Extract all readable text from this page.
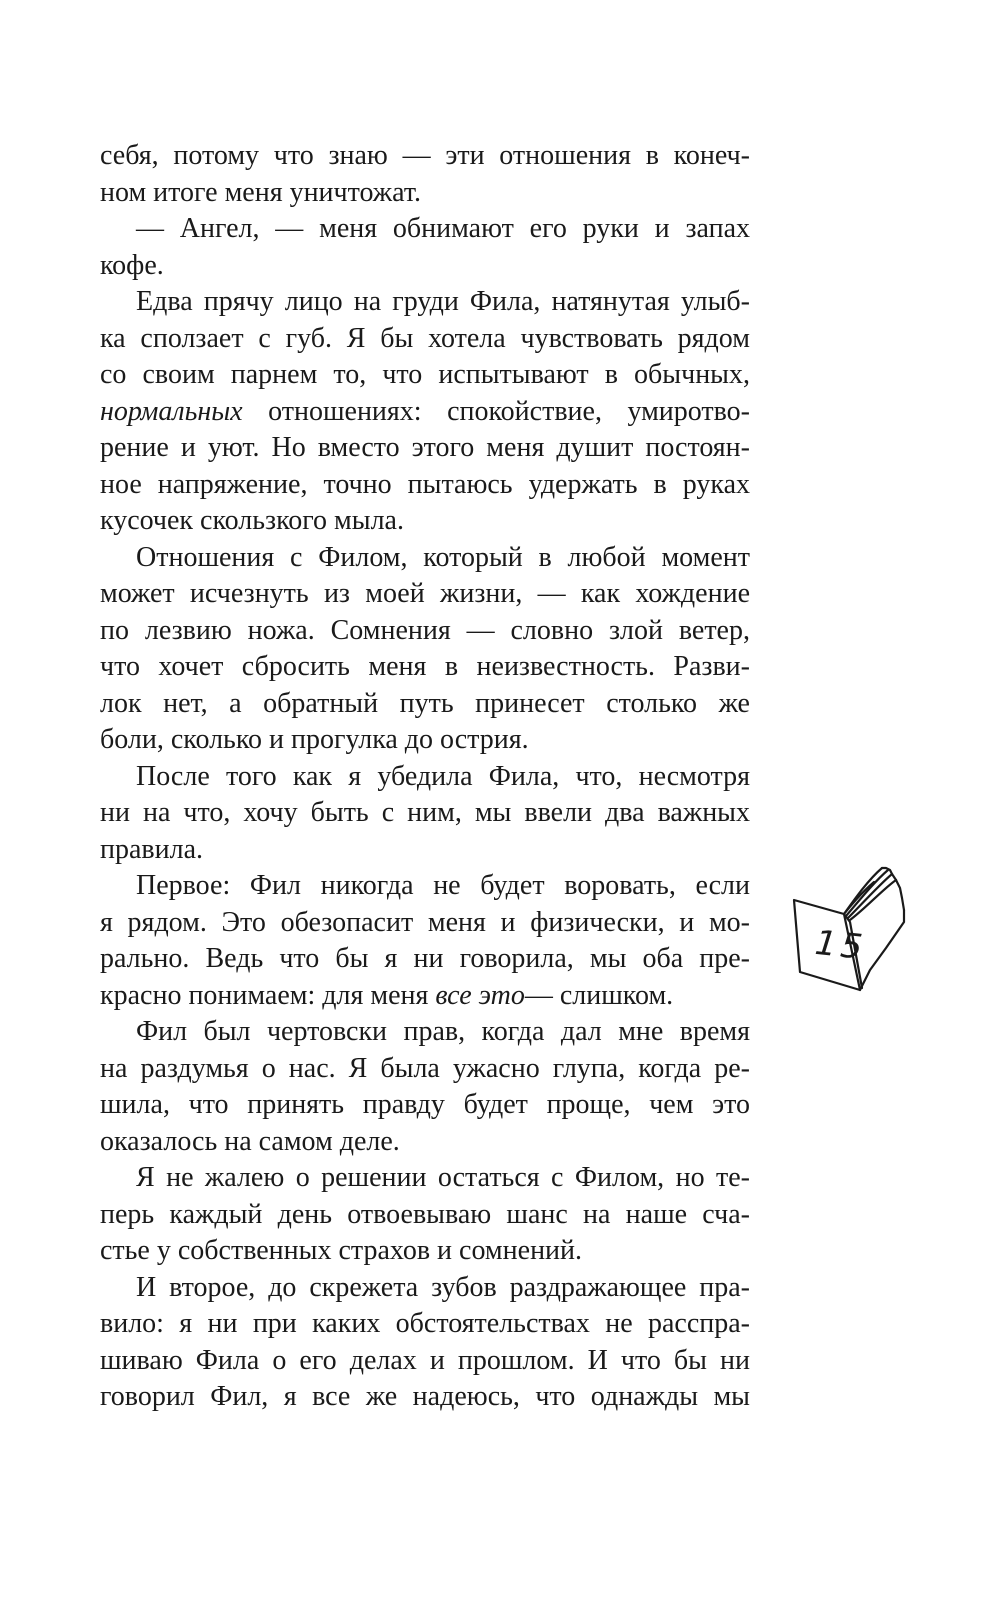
себя, потому что знаю — эти отношения в конеч-
ном итоге меня уничтожат.
— Ангел, — меня обнимают его руки и запах
кофе.
Едва прячу лицо на груди Фила, натянутая улыб-
ка сползает с губ. Я бы хотела чувствовать рядом
со своим парнем то, что испытывают в обычных,
нормальных отношениях: спокойствие, умиротво-
рение и уют. Но вместо этого меня душит постоян-
ное напряжение, точно пытаюсь удержать в руках
кусочек скользкого мыла.
Отношения с Филом, который в любой момент
может исчезнуть из моей жизни, — как хождение
по лезвию ножа. Сомнения — словно злой ветер,
что хочет сбросить меня в неизвестность. Разви-
лок нет, а обратный путь принесет столько же
боли, сколько и прогулка до острия.
После того как я убедила Фила, что, несмотря
ни на что, хочу быть с ним, мы ввели два важных
правила.
Первое: Фил никогда не будет воровать, если
я рядом. Это обезопасит меня и физически, и мо-
рально. Ведь что бы я ни говорила, мы оба пре-
красно понимаем: для меня все это— слишком.
Фил был чертовски прав, когда дал мне время
на раздумья о нас. Я была ужасно глупа, когда ре-
шила, что принять правду будет проще, чем это
оказалось на самом деле.
Я не жалею о решении остаться с Филом, но те-
перь каждый день отвоевываю шанс на наше сча-
стье у собственных страхов и сомнений.
И второе, до скрежета зубов раздражающее пра-
вило: я ни при каких обстоятельствах не расспра-
шиваю Фила о его делах и прошлом. И что бы ни
говорил Фил, я все же надеюсь, что однажды мы
15
